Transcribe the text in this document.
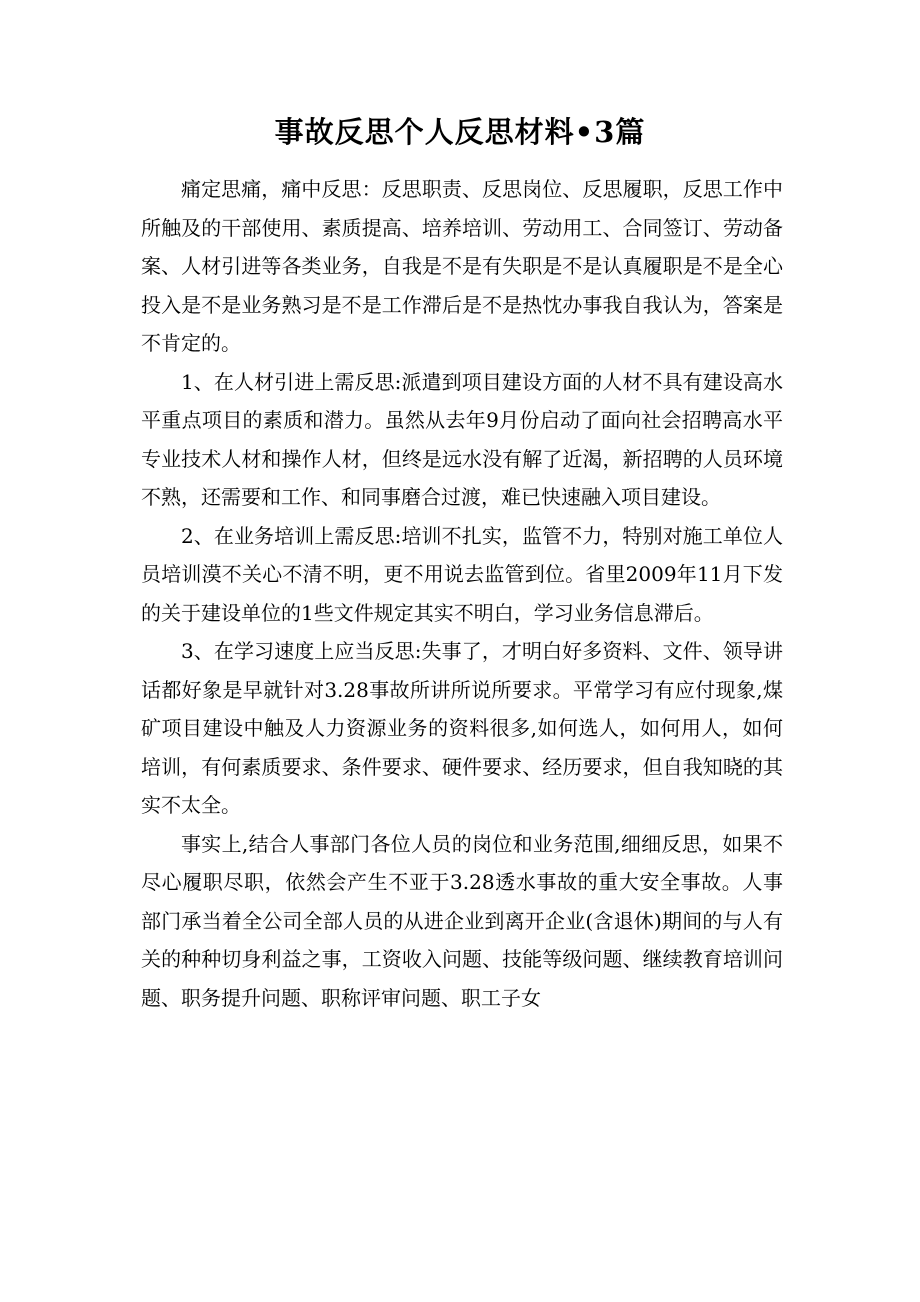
事故反思个人反思材料•3篇

痛定思痛，痛中反思：反思职责、反思岗位、反思履职，反思工作中所触及的干部使用、素质提高、培养培训、劳动用工、合同签订、劳动备案、人材引进等各类业务，自我是不是有失职是不是认真履职是不是全心投入是不是业务熟习是不是工作滞后是不是热忱办事我自我认为，答案是不肯定的。

1、在人材引进上需反思:派遣到项目建设方面的人材不具有建设高水平重点项目的素质和潜力。虽然从去年9月份启动了面向社会招聘高水平专业技术人材和操作人材，但终是远水没有解了近渴，新招聘的人员环境不熟，还需要和工作、和同事磨合过渡，难已快速融入项目建设。

2、在业务培训上需反思:培训不扎实，监管不力，特别对施工单位人员培训漠不关心不清不明，更不用说去监管到位。省里2009年11月下发的关于建设单位的1些文件规定其实不明白，学习业务信息滞后。

3、在学习速度上应当反思:失事了，才明白好多资料、文件、领导讲话都好象是早就针对3.28事故所讲所说所要求。平常学习有应付现象,煤矿项目建设中触及人力资源业务的资料很多,如何选人，如何用人，如何培训，有何素质要求、条件要求、硬件要求、经历要求，但自我知晓的其实不太全。

事实上,结合人事部门各位人员的岗位和业务范围,细细反思，如果不尽心履职尽职，依然会产生不亚于3.28透水事故的重大安全事故。人事部门承当着全公司全部人员的从进企业到离开企业(含退休)期间的与人有关的种种切身利益之事，工资收入问题、技能等级问题、继续教育培训问题、职务提升问题、职称评审问题、职工子女
